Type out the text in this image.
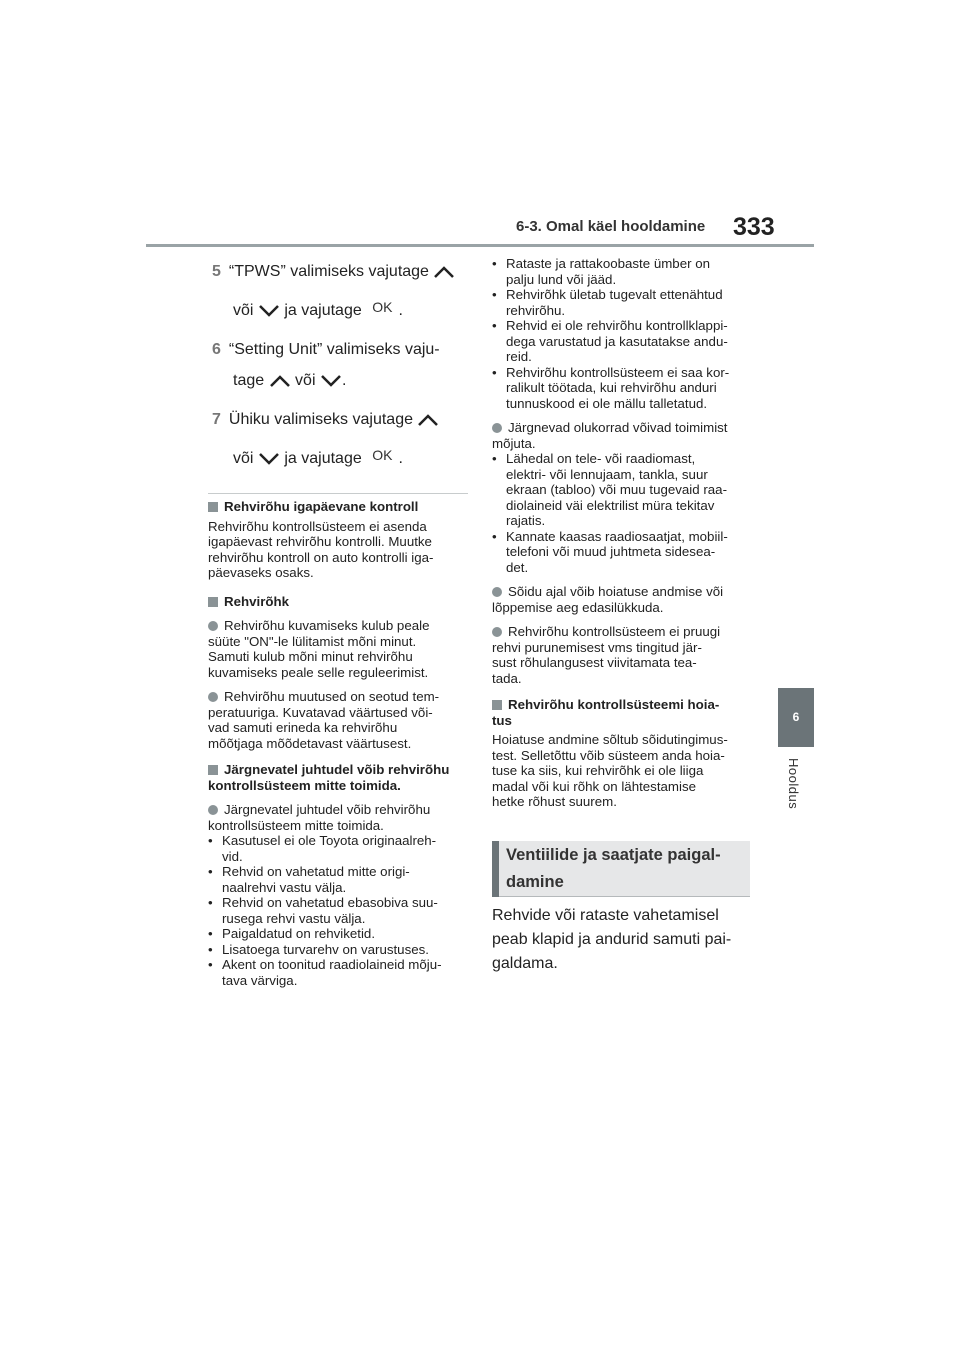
6-3. Omal käel hooldamine 333
6
Hooldus
5 “TPWS” valimiseks vajutage
või ja vajutage OK .
6 “Setting Unit” valimiseks vaju-
tage või .
7 Ühiku valimiseks vajutage
või ja vajutage OK .
Rehvirõhu igapäevane kontroll
Rehvirõhu kontrollsüsteem ei asenda
igapäevast rehvirõhu kontrolli. Muutke
rehvirõhu kontroll on auto kontrolli iga-
päevaseks osaks.
Rehvirõhk
Rehvirõhu kuvamiseks kulub peale
süüte "ON"-le lülitamist mõni minut.
Samuti kulub mõni minut rehvirõhu
kuvamiseks peale selle reguleerimist.
Rehvirõhu muutused on seotud tem-
peratuuriga. Kuvatavad väärtused või-
vad samuti erineda ka rehvirõhu
mõõtjaga mõõdetavast väärtusest.
Järgnevatel juhtudel võib rehvirõhu
kontrollsüsteem mitte toimida.
Järgnevatel juhtudel võib rehvirõhu
kontrollsüsteem mitte toimida.
• Kasutusel ei ole Toyota originaalreh-
vid.
• Rehvid on vahetatud mitte origi-
naalrehvi vastu välja.
• Rehvid on vahetatud ebasobiva suu-
rusega rehvi vastu välja.
• Paigaldatud on rehviketid.
• Lisatoega turvarehv on varustuses.
• Akent on toonitud raadiolaineid mõju-
tava värviga.
• Rataste ja rattakoobaste ümber on
palju lund või jääd.
• Rehvirõhk ületab tugevalt ettenähtud
rehvirõhu.
• Rehvid ei ole rehvirõhu kontrollklappi-
dega varustatud ja kasutatakse andu-
reid.
• Rehvirõhu kontrollsüsteem ei saa kor-
ralikult töötada, kui rehvirõhu anduri
tunnuskood ei ole mällu talletatud.
Järgnevad olukorrad võivad toimimist
mõjuta.
• Lähedal on tele- või raadiomast,
elektri- või lennujaam, tankla, suur
ekraan (tabloo) või muu tugevaid raa-
diolaineid väi elektrilist müra tekitav
rajatis.
• Kannate kaasas raadiosaatjat, mobiil-
telefoni või muud juhtmeta sidesea-
det.
Sõidu ajal võib hoiatuse andmise või
lõppemise aeg edasilükkuda.
Rehvirõhu kontrollsüsteem ei pruugi
rehvi purunemisest vms tingitud jär-
sust rõhulangusest viivitamata tea-
tada.
Rehvirõhu kontrollsüsteemi hoia-
tus
Hoiatuse andmine sõltub sõidutingimus-
test. Selletõttu võib süsteem anda hoia-
tuse ka siis, kui rehvirõhk ei ole liiga
madal või kui rõhk on lähtestamise
hetke rõhust suurem.
Ventiilide ja saatjate paigal-
damine
Rehvide või rataste vahetamisel
peab klapid ja andurid samuti pai-
galdama.
